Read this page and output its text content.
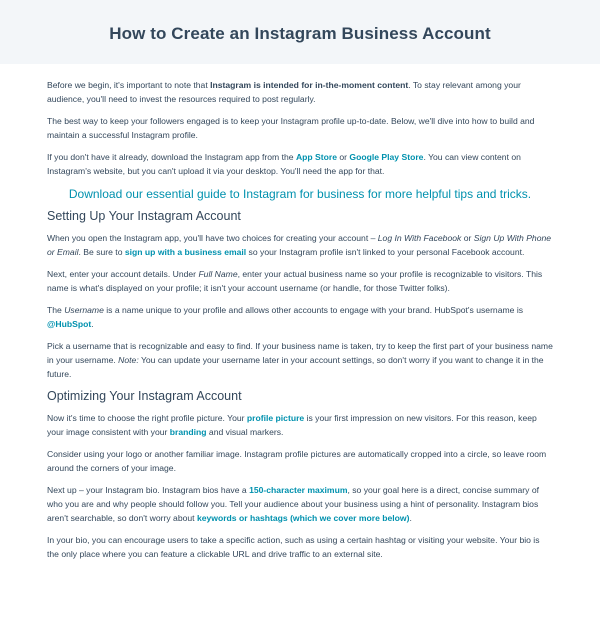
How to Create an Instagram Business Account

Before we begin, it's important to note that Instagram is intended for in-the-moment content. To stay relevant among your audience, you'll need to invest the resources required to post regularly.

The best way to keep your followers engaged is to keep your Instagram profile up-to-date. Below, we'll dive into how to build and maintain a successful Instagram profile.

If you don't have it already, download the Instagram app from the App Store or Google Play Store. You can view content on Instagram's website, but you can't upload it via your desktop. You'll need the app for that.

Download our essential guide to Instagram for business for more helpful tips and tricks.
Setting Up Your Instagram Account

When you open the Instagram app, you'll have two choices for creating your account – Log In With Facebook or Sign Up With Phone or Email. Be sure to sign up with a business email so your Instagram profile isn't linked to your personal Facebook account.

Next, enter your account details. Under Full Name, enter your actual business name so your profile is recognizable to visitors. This name is what's displayed on your profile; it isn't your account username (or handle, for those Twitter folks).

The Username is a name unique to your profile and allows other accounts to engage with your brand. HubSpot's username is @HubSpot.

Pick a username that is recognizable and easy to find. If your business name is taken, try to keep the first part of your business name in your username. Note: You can update your username later in your account settings, so don't worry if you want to change it in the future.

Optimizing Your Instagram Account

Now it's time to choose the right profile picture. Your profile picture is your first impression on new visitors. For this reason, keep your image consistent with your branding and visual markers.

Consider using your logo or another familiar image. Instagram profile pictures are automatically cropped into a circle, so leave room around the corners of your image.

Next up – your Instagram bio. Instagram bios have a 150-character maximum, so your goal here is a direct, concise summary of who you are and why people should follow you. Tell your audience about your business using a hint of personality. Instagram bios aren't searchable, so don't worry about keywords or hashtags (which we cover more below).

In your bio, you can encourage users to take a specific action, such as using a certain hashtag or visiting your website. Your bio is the only place where you can feature a clickable URL and drive traffic to an external site.
